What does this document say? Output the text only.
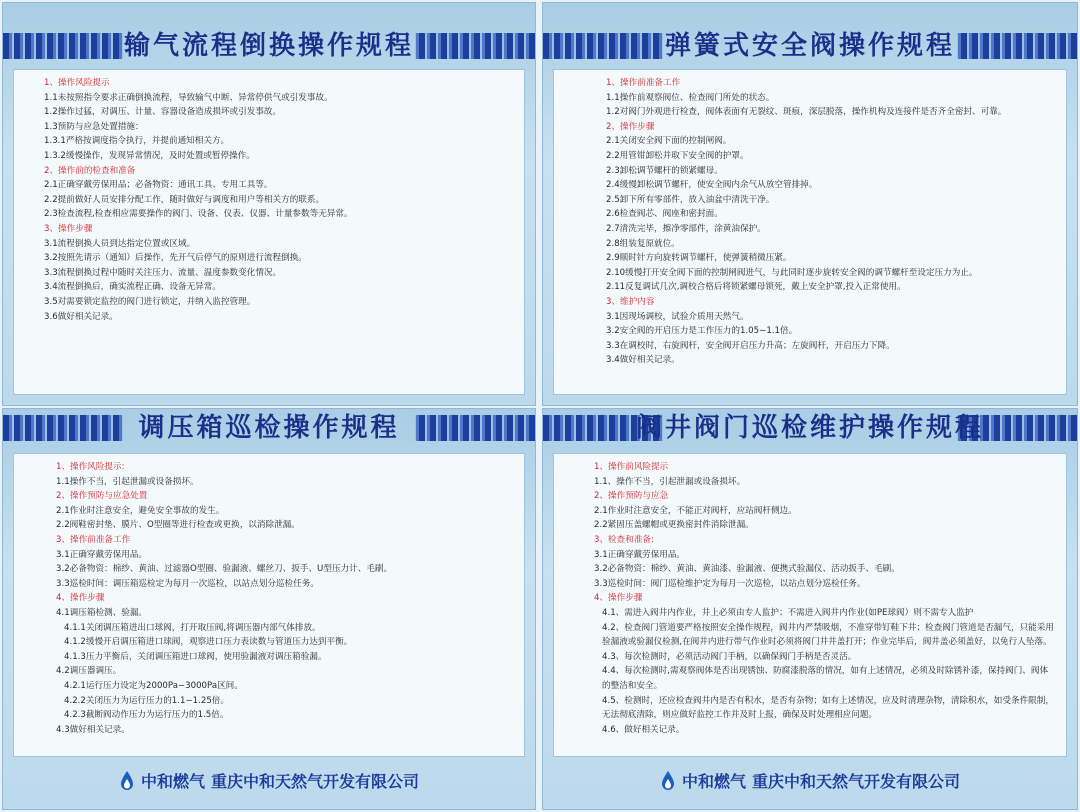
输气流程倒换操作规程
1、操作风险提示
1.1未按照指令要求正确倒换流程，导致输气中断、异常停供气或引发事故。
1.2操作过猛，对调压、计量、容器设备造成损坏或引发事故。
1.3预防与应急处置措施：
1.3.1严格按调度指令执行，并提前通知相关方。
1.3.2缓慢操作，发现异常情况，及时处置或暂停操作。
2、操作前的检查和准备
2.1正确穿戴劳保用品；必备物资：通讯工具、专用工具等。
2.2提前做好人员安排分配工作，随时做好与调度和用户等相关方的联系。
2.3检查流程,检查相应需要操作的阀门、设备、仪表、仪器、计量参数等无异常。
3、操作步骤
3.1流程倒换人员到达指定位置或区域。
3.2按照先请示（通知）后操作，先开气后停气的原则进行流程倒换。
3.3流程倒换过程中随时关注压力、流量、温度参数变化情况。
3.4流程倒换后，确实流程正确、设备无异常。
3.5对需要锁定监控的阀门进行锁定，并纳入监控管理。
3.6做好相关记录。
弹簧式安全阀操作规程
1、操作前准备工作
1.1操作前观察阀位、检查阀门所处的状态。
1.2对阀门外观进行检查，阀体表面有无裂纹、斑痕，深层脱落，操作机构及连接件是否齐全密封、可靠。
2、操作步骤
2.1关闭安全阀下面的控制闸阀。
2.2用管钳卸松并取下安全阀的护罩。
2.3卸松调节螺杆的锁紧螺母。
2.4缓慢卸松调节螺杆，使安全阀内余气从放空管排掉。
2.5卸下所有零部件，放入油盆中清洗干净。
2.6检查阀芯、阀座和密封面。
2.7清洗完毕，擦净零部件，涂黄油保护。
2.8组装复原就位。
2.9顺时针方向旋转调节螺杆，使弹簧稍微压紧。
2.10缓慢打开安全阀下面的控制闸阀进气，与此同时逐步旋转安全阀的调节螺杆至设定压力为止。
2.11反复调试几次,调校合格后将锁紧螺母锁死，戴上安全护罩,投入正常使用。
3、维护内容
3.1因现场调校，试验介质用天然气。
3.2安全阀的开启压力是工作压力的1.05−1.1倍。
3.3在调校时，右旋阀杆，安全阀开启压力升高；左旋阀杆，开启压力下降。
3.4做好相关记录。
调压箱巡检操作规程
1、操作风险提示:
1.1操作不当，引起泄漏或设备损坏。
2、操作预防与应急处置
2.1作业时注意安全，避免安全事故的发生。
2.2阀鞋密封垫、膜片、O型圈等进行检查或更换，以消除泄漏。
3、操作前准备工作
3.1正确穿戴劳保用品。
3.2必备物资：棉纱、黄油、过滤器O型圈、验漏液、螺丝刀、扳手、U型压力计、毛刷。
3.3巡检时间：调压箱巡检定为每月一次巡检，以站点划分巡检任务。
4、操作步骤
4.1调压箱检测、验漏。
4.1.1关闭调压箱进出口球阀，打开取压阀,将调压器内部气体排放。
4.1.2缓慢开启调压箱进口球阀，观察进口压力表读数与管道压力达到平衡。
4.1.3压力平衡后，关闭调压箱进口球阀，使用验漏液对调压箱验漏。
4.2调压器调压。
4.2.1运行压力设定为2000Pa−3000Pa区间。
4.2.2关闭压力为运行压力的1.1−1.25倍。
4.2.3截断阀动作压力为运行压力的1.5倍。
4.3做好相关记录。
中和燃气 重庆中和天然气开发有限公司
阀井阀门巡检维护操作规程
1、操作前风险提示
1.1、操作不当，引起泄漏或设备损坏。
2、操作预防与应急
2.1作业时注意安全，不能正对阀杆，应站阀杆侧边。
2.2紧固压盖螺帽或更换密封件消除泄漏。
3、检查和准备:
3.1正确穿戴劳保用品。
3.2必备物资：棉纱、黄油、黄油漆、验漏液、便携式验漏仪、活动扳手、毛刷。
3.3巡检时间：阀门巡检维护定为每月一次巡检，以站点划分巡检任务。
4、操作步骤
4.1、需进入阀井内作业，井上必须由专人监护；不需进入阀井内作业(如PE球阀）则不需专人监护
4.2、检查阀门管道要严格按照安全操作规程，阀井内严禁吸烟，不准穿带钉鞋下井；检查阀门管道是否漏气，只能采用验漏液或验漏仪检测,在阀井内进行带气作业时必须将阀门井井盖打开；作业完毕后，阀井盖必须盖好，以免行人坠落。
4.3、每次检测时，必须活动阀门手柄，以确保阀门手柄是否灵活。
4.4、每次检测时,需观察阀体是否出现锈蚀、防腐漆脱落的情况，如有上述情况，必须及时除锈补漆，保持阀门、阀体的整洁和安全。
4.5、检测时，还应检查阀井内是否有积水，是否有杂物；如有上述情况，应及时清理杂物，清除积水，如受条件限制，无法彻底清除，则应做好监控工作并及时上报，确保及时处理相应问题。
4.6、做好相关记录。
中和燃气 重庆中和天然气开发有限公司
